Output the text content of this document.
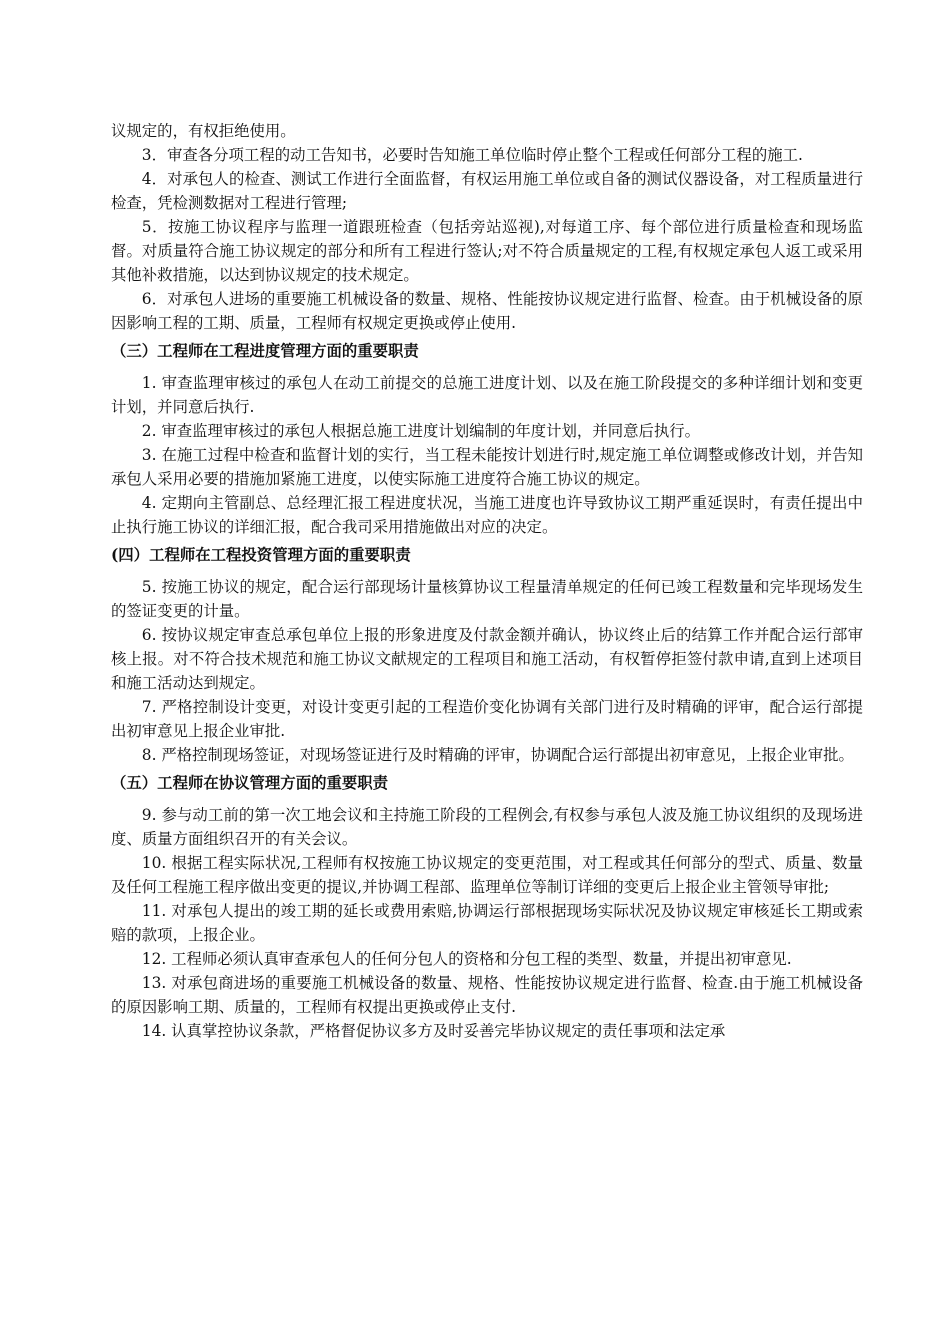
议规定的，有权拒绝使用。

3．审查各分项工程的动工告知书，必要时告知施工单位临时停止整个工程或任何部分工程的施工.

4．对承包人的检查、测试工作进行全面监督，有权运用施工单位或自备的测试仪器设备，对工程质量进行检查，凭检测数据对工程进行管理;

5．按施工协议程序与监理一道跟班检查（包括旁站巡视),对每道工序、每个部位进行质量检查和现场监督。对质量符合施工协议规定的部分和所有工程进行签认;对不符合质量规定的工程,有权规定承包人返工或采用其他补救措施，以达到协议规定的技术规定。

6．对承包人进场的重要施工机械设备的数量、规格、性能按协议规定进行监督、检查。由于机械设备的原因影响工程的工期、质量，工程师有权规定更换或停止使用.

（三）工程师在工程进度管理方面的重要职责

1. 审查监理审核过的承包人在动工前提交的总施工进度计划、以及在施工阶段提交的多种详细计划和变更计划，并同意后执行.

2. 审查监理审核过的承包人根据总施工进度计划编制的年度计划，并同意后执行。

3. 在施工过程中检查和监督计划的实行，当工程未能按计划进行时,规定施工单位调整或修改计划，并告知承包人采用必要的措施加紧施工进度，以使实际施工进度符合施工协议的规定。

4. 定期向主管副总、总经理汇报工程进度状况，当施工进度也许导致协议工期严重延误时，有责任提出中止执行施工协议的详细汇报，配合我司采用措施做出对应的决定。

(四）工程师在工程投资管理方面的重要职责

5. 按施工协议的规定，配合运行部现场计量核算协议工程量清单规定的任何已竣工程数量和完毕现场发生的签证变更的计量。

6. 按协议规定审查总承包单位上报的形象进度及付款金额并确认，协议终止后的结算工作并配合运行部审核上报。对不符合技术规范和施工协议文献规定的工程项目和施工活动，有权暂停拒签付款申请,直到上述项目和施工活动达到规定。

7. 严格控制设计变更，对设计变更引起的工程造价变化协调有关部门进行及时精确的评审，配合运行部提出初审意见上报企业审批.

8. 严格控制现场签证，对现场签证进行及时精确的评审，协调配合运行部提出初审意见，上报企业审批。

（五）工程师在协议管理方面的重要职责

9. 参与动工前的第一次工地会议和主持施工阶段的工程例会,有权参与承包人波及施工协议组织的及现场进度、质量方面组织召开的有关会议。

10. 根据工程实际状况,工程师有权按施工协议规定的变更范围，对工程或其任何部分的型式、质量、数量及任何工程施工程序做出变更的提议,并协调工程部、监理单位等制订详细的变更后上报企业主管领导审批;

11. 对承包人提出的竣工期的延长或费用索赔,协调运行部根据现场实际状况及协议规定审核延长工期或索赔的款项，上报企业。

12. 工程师必须认真审查承包人的任何分包人的资格和分包工程的类型、数量，并提出初审意见.

13. 对承包商进场的重要施工机械设备的数量、规格、性能按协议规定进行监督、检查.由于施工机械设备的原因影响工期、质量的，工程师有权提出更换或停止支付.

14. 认真掌控协议条款，严格督促协议多方及时妥善完毕协议规定的责任事项和法定承
